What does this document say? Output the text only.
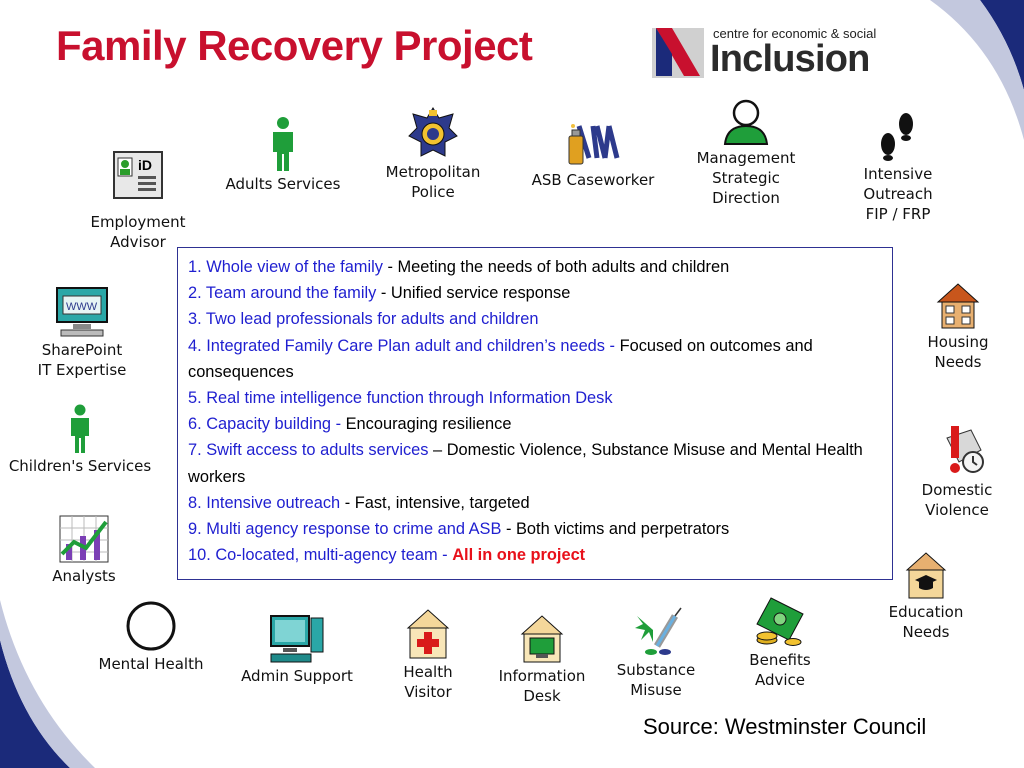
Family Recovery Project	centre for economic & social
Inclusion
iD
Employment
Advisor
Adults Services
Metropolitan
Police
ASB Caseworker
Management
Strategic
Direction
Intensive
Outreach
FIP / FRP
WWW
SharePoint
IT Expertise
Housing
Needs
Children's Services
Domestic
Violence
Analysts
Education
Needs
Mental Health
Admin Support	Health
Visitor
Information
Desk
Substance
Misuse
Benefits
Advice
1. Whole view of the family - Meeting the needs of both adults and children
2. Team around the family - Unified service response
3. Two lead professionals for adults and children
4. Integrated Family Care Plan adult and children’s needs - Focused on outcomes and consequences
5. Real time intelligence function through Information Desk
6. Capacity building - Encouraging resilience
7. Swift access to adults services – Domestic Violence, Substance Misuse and Mental Health workers
8. Intensive outreach - Fast, intensive, targeted
9. Multi agency response to crime and ASB - Both victims and perpetrators
10. Co-located, multi-agency team - All in one project
Source: Westminster Council
